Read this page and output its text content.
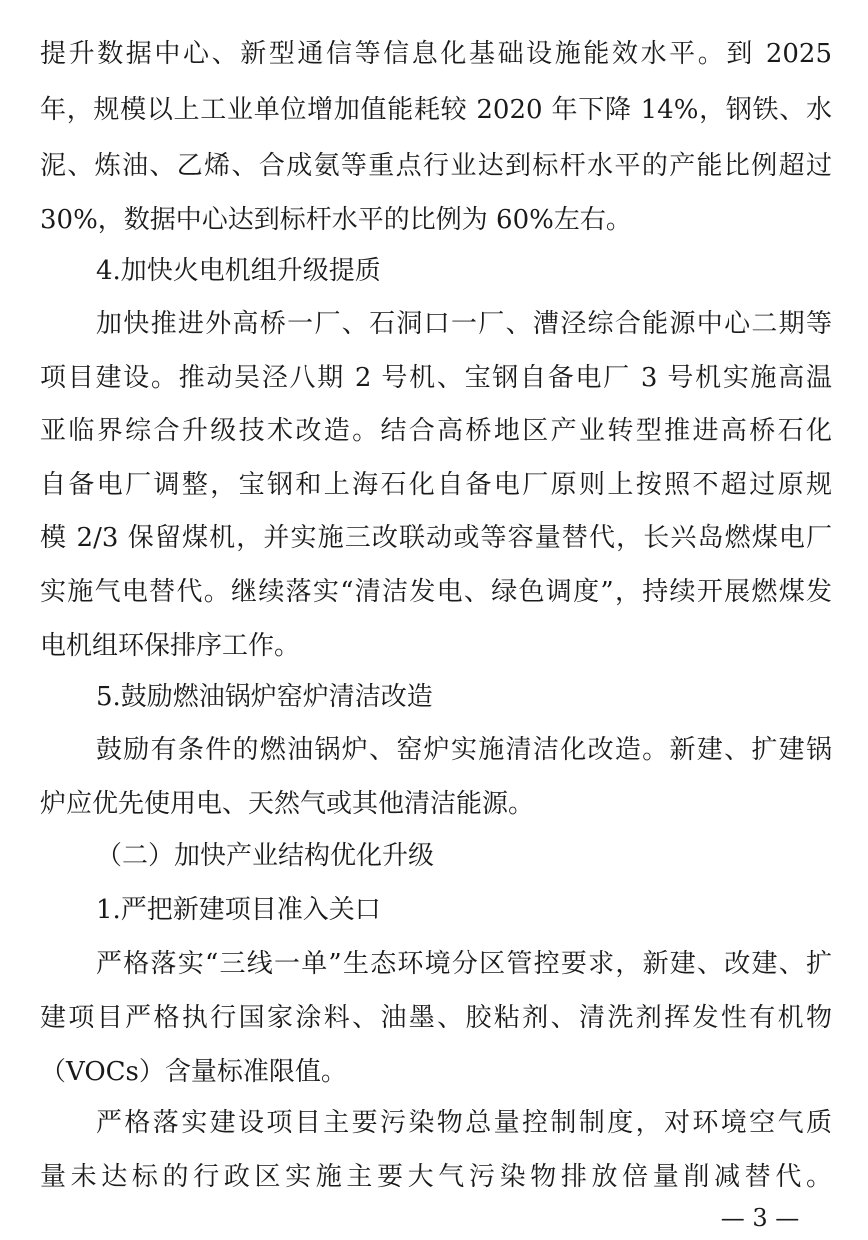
提升数据中心、新型通信等信息化基础设施能效水平。到 2025
年，规模以上工业单位增加值能耗较 2020 年下降 14%，钢铁、水
泥、炼油、乙烯、合成氨等重点行业达到标杆水平的产能比例超过
30%，数据中心达到标杆水平的比例为 60%左右。
4.加快火电机组升级提质
加快推进外高桥一厂、石洞口一厂、漕泾综合能源中心二期等
项目建设。推动吴泾八期 2 号机、宝钢自备电厂 3 号机实施高温
亚临界综合升级技术改造。结合高桥地区产业转型推进高桥石化
自备电厂调整，宝钢和上海石化自备电厂原则上按照不超过原规
模 2/3 保留煤机，并实施三改联动或等容量替代，长兴岛燃煤电厂
实施气电替代。继续落实“清洁发电、绿色调度”，持续开展燃煤发
电机组环保排序工作。
5.鼓励燃油锅炉窑炉清洁改造
鼓励有条件的燃油锅炉、窑炉实施清洁化改造。新建、扩建锅
炉应优先使用电、天然气或其他清洁能源。
（二）加快产业结构优化升级
1.严把新建项目准入关口
严格落实“三线一单”生态环境分区管控要求，新建、改建、扩
建项目严格执行国家涂料、油墨、胶粘剂、清洗剂挥发性有机物
（VOCs）含量标准限值。
严格落实建设项目主要污染物总量控制制度，对环境空气质
量未达标的行政区实施主要大气污染物排放倍量削减替代。
— 3 —
